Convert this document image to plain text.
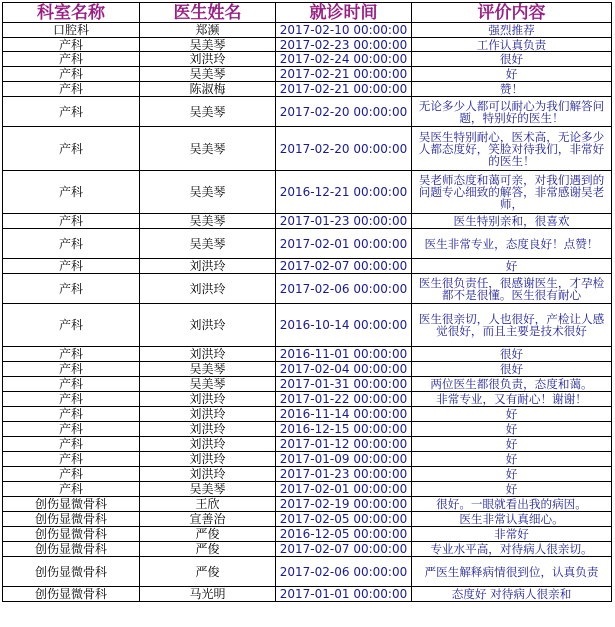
科室名称	医生姓名	就诊时间	评价内容
口腔科	郑濒	2017-02-10 00:00:00	强烈推荐
产科	吴美琴	2017-02-23 00:00:00	工作认真负责
产科	刘洪玲	2017-02-24 00:00:00	很好
产科	吴美琴	2017-02-21 00:00:00	好
产科	陈淑梅	2017-02-21 00:00:00	赞！
产科	吴美琴	2017-02-20 00:00:00	无论多少人都可以耐心为我们解答问题，特别好的医生！
产科	吴美琴	2017-02-20 00:00:00	吴医生特别耐心，医术高，无论多少人都态度好，笑脸对待我们，非常好的医生！
产科	吴美琴	2016-12-21 00:00:00	吴老师态度和蔼可亲，对我们遇到的问题专心细致的解答，非常感谢吴老师，
产科	吴美琴	2017-01-23 00:00:00	医生特别亲和，很喜欢
产科	吴美琴	2017-02-01 00:00:00	医生非常专业，态度良好！点赞！
产科	刘洪玲	2017-02-07 00:00:00	好
产科	刘洪玲	2017-02-06 00:00:00	医生很负责任，很感谢医生，才孕检都不是很懂。医生很有耐心
产科	刘洪玲	2016-10-14 00:00:00	医生很亲切，人也很好，产检让人感觉很好，而且主要是技术很好
产科	刘洪玲	2016-11-01 00:00:00	很好
产科	吴美琴	2017-02-04 00:00:00	很好
产科	吴美琴	2017-01-31 00:00:00	两位医生都很负责，态度和蔼。
产科	刘洪玲	2017-01-22 00:00:00	非常专业，又有耐心！谢谢！
产科	刘洪玲	2016-11-14 00:00:00	好
产科	刘洪玲	2016-12-15 00:00:00	好
产科	刘洪玲	2017-01-12 00:00:00	好
产科	刘洪玲	2017-01-09 00:00:00	好
产科	刘洪玲	2017-01-23 00:00:00	好
产科	吴美琴	2017-02-01 00:00:00	好
创伤显微骨科	王欣	2017-02-19 00:00:00	很好。一眼就看出我的病因。
创伤显微骨科	宣善治	2017-02-05 00:00:00	医生非常认真细心。
创伤显微骨科	严俊	2016-12-05 00:00:00	非常好
创伤显微骨科	严俊	2017-02-07 00:00:00	专业水平高，对待病人很亲切。
创伤显微骨科	严俊	2017-02-06 00:00:00	严医生解释病情很到位，认真负责
创伤显微骨科	马光明	2017-01-01 00:00:00	态度好 对待病人很亲和
